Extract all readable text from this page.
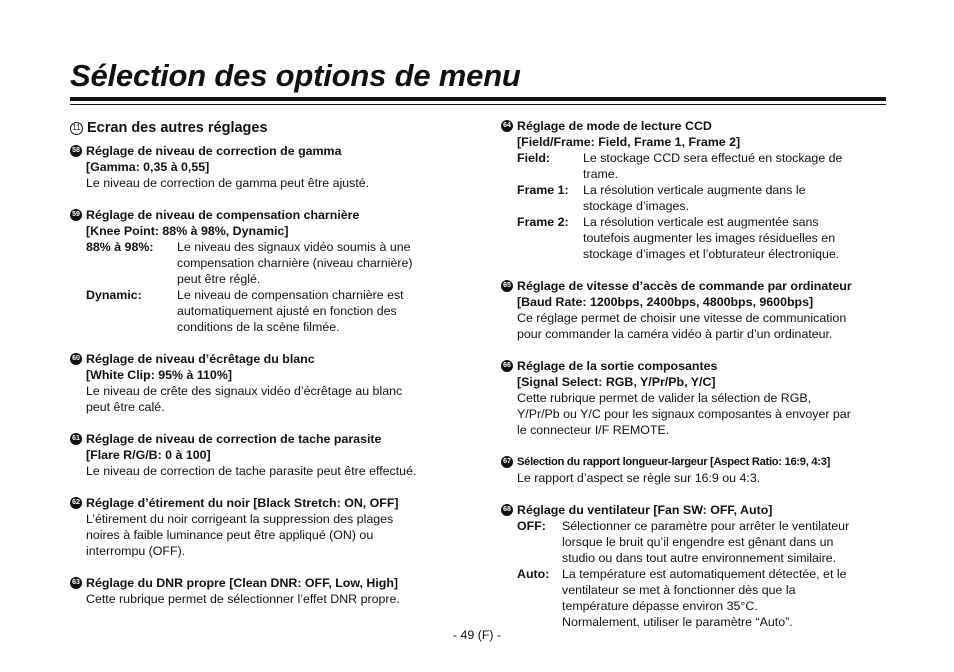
Sélection des options de menu
11 Ecran des autres réglages
58 Réglage de niveau de correction de gamma
[Gamma: 0,35 à 0,55]
Le niveau de correction de gamma peut être ajusté.
59 Réglage de niveau de compensation charnière
[Knee Point: 88% à 98%, Dynamic]
88% à 98%:	Le niveau des signaux vidéo soumis à une
compensation charnière (niveau charnière)
peut être réglé.
Dynamic:	Le niveau de compensation charnière est
automatiquement ajusté en fonction des
conditions de la scène filmée.
60 Réglage de niveau d’écrêtage du blanc
[White Clip: 95% à 110%]
Le niveau de crête des signaux vidéo d’écrêtage au blanc
peut être calé.
61 Réglage de niveau de correction de tache parasite
[Flare R/G/B: 0 à 100]
Le niveau de correction de tache parasite peut être effectué.
62 Réglage d’étirement du noir [Black Stretch: ON, OFF]
L’étirement du noir corrigeant la suppression des plages
noires à faible luminance peut être appliqué (ON) ou
interrompu (OFF).
63 Réglage du DNR propre [Clean DNR: OFF, Low, High]
Cette rubrique permet de sélectionner l’effet DNR propre.
64 Réglage de mode de lecture CCD
[Field/Frame: Field, Frame 1, Frame 2]
Field:	Le stockage CCD sera effectué en stockage de
trame.
Frame 1:	La résolution verticale augmente dans le
stockage d’images.
Frame 2:	La résolution verticale est augmentée sans
toutefois augmenter les images résiduelles en
stockage d’images et l’obturateur électronique.
65 Réglage de vitesse d’accès de commande par ordinateur
[Baud Rate: 1200bps, 2400bps, 4800bps, 9600bps]
Ce réglage permet de choisir une vitesse de communication
pour commander la caméra vidéo à partir d’un ordinateur.
66 Réglage de la sortie composantes
[Signal Select: RGB, Y/Pr/Pb, Y/C]
Cette rubrique permet de valider la sélection de RGB,
Y/Pr/Pb ou Y/C pour les signaux composantes à envoyer par
le connecteur I/F REMOTE.
67 Sélection du rapport longueur-largeur [Aspect Ratio: 16:9, 4:3]
Le rapport d’aspect se règle sur 16:9 ou 4:3.
68 Réglage du ventilateur [Fan SW: OFF, Auto]
OFF:	Sélectionner ce paramètre pour arrêter le ventilateur
lorsque le bruit qu’il engendre est gênant dans un
studio ou dans tout autre environnement similaire.
Auto:	La température est automatiquement détectée, et le
ventilateur se met à fonctionner dès que la
température dépasse environ 35°C.
Normalement, utiliser le paramètre “Auto”.
- 49 (F) -
